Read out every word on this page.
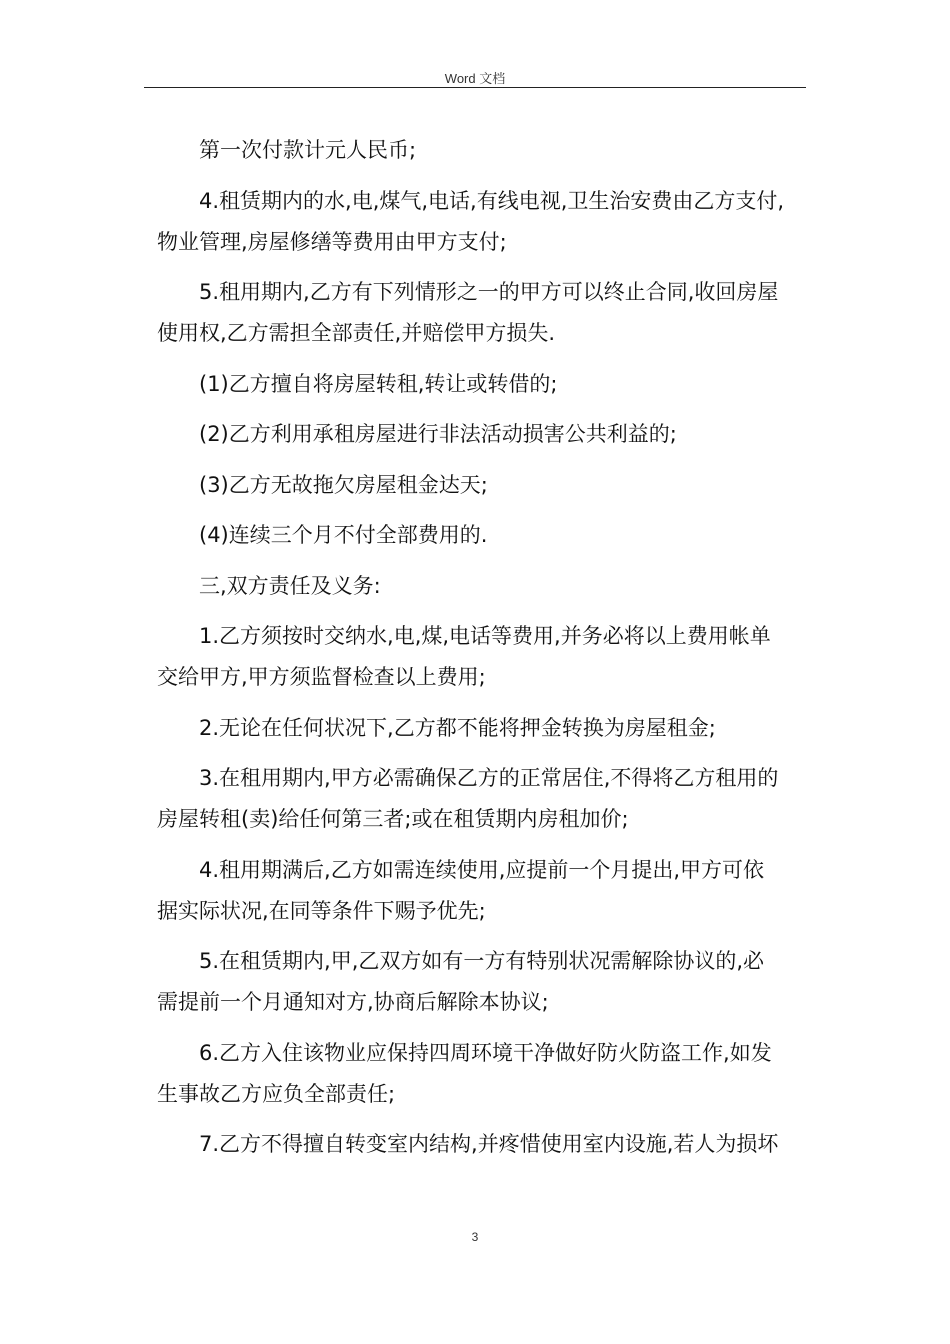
Word 文档

第一次付款计元人民币;

4.租赁期内的水,电,煤气,电话,有线电视,卫生治安费由乙方支付,
物业管理,房屋修缮等费用由甲方支付;

5.租用期内,乙方有下列情形之一的甲方可以终止合同,收回房屋
使用权,乙方需担全部责任,并赔偿甲方损失.

(1)乙方擅自将房屋转租,转让或转借的;

(2)乙方利用承租房屋进行非法活动损害公共利益的;

(3)乙方无故拖欠房屋租金达天;

(4)连续三个月不付全部费用的.

三,双方责任及义务:

1.乙方须按时交纳水,电,煤,电话等费用,并务必将以上费用帐单
交给甲方,甲方须监督检查以上费用;

2.无论在任何状况下,乙方都不能将押金转换为房屋租金;

3.在租用期内,甲方必需确保乙方的正常居住,不得将乙方租用的
房屋转租(卖)给任何第三者;或在租赁期内房租加价;

4.租用期满后,乙方如需连续使用,应提前一个月提出,甲方可依
据实际状况,在同等条件下赐予优先;

5.在租赁期内,甲,乙双方如有一方有特别状况需解除协议的,必
需提前一个月通知对方,协商后解除本协议;

6.乙方入住该物业应保持四周环境干净做好防火防盗工作,如发
生事故乙方应负全部责任;

7.乙方不得擅自转变室内结构,并疼惜使用室内设施,若人为损坏

3
